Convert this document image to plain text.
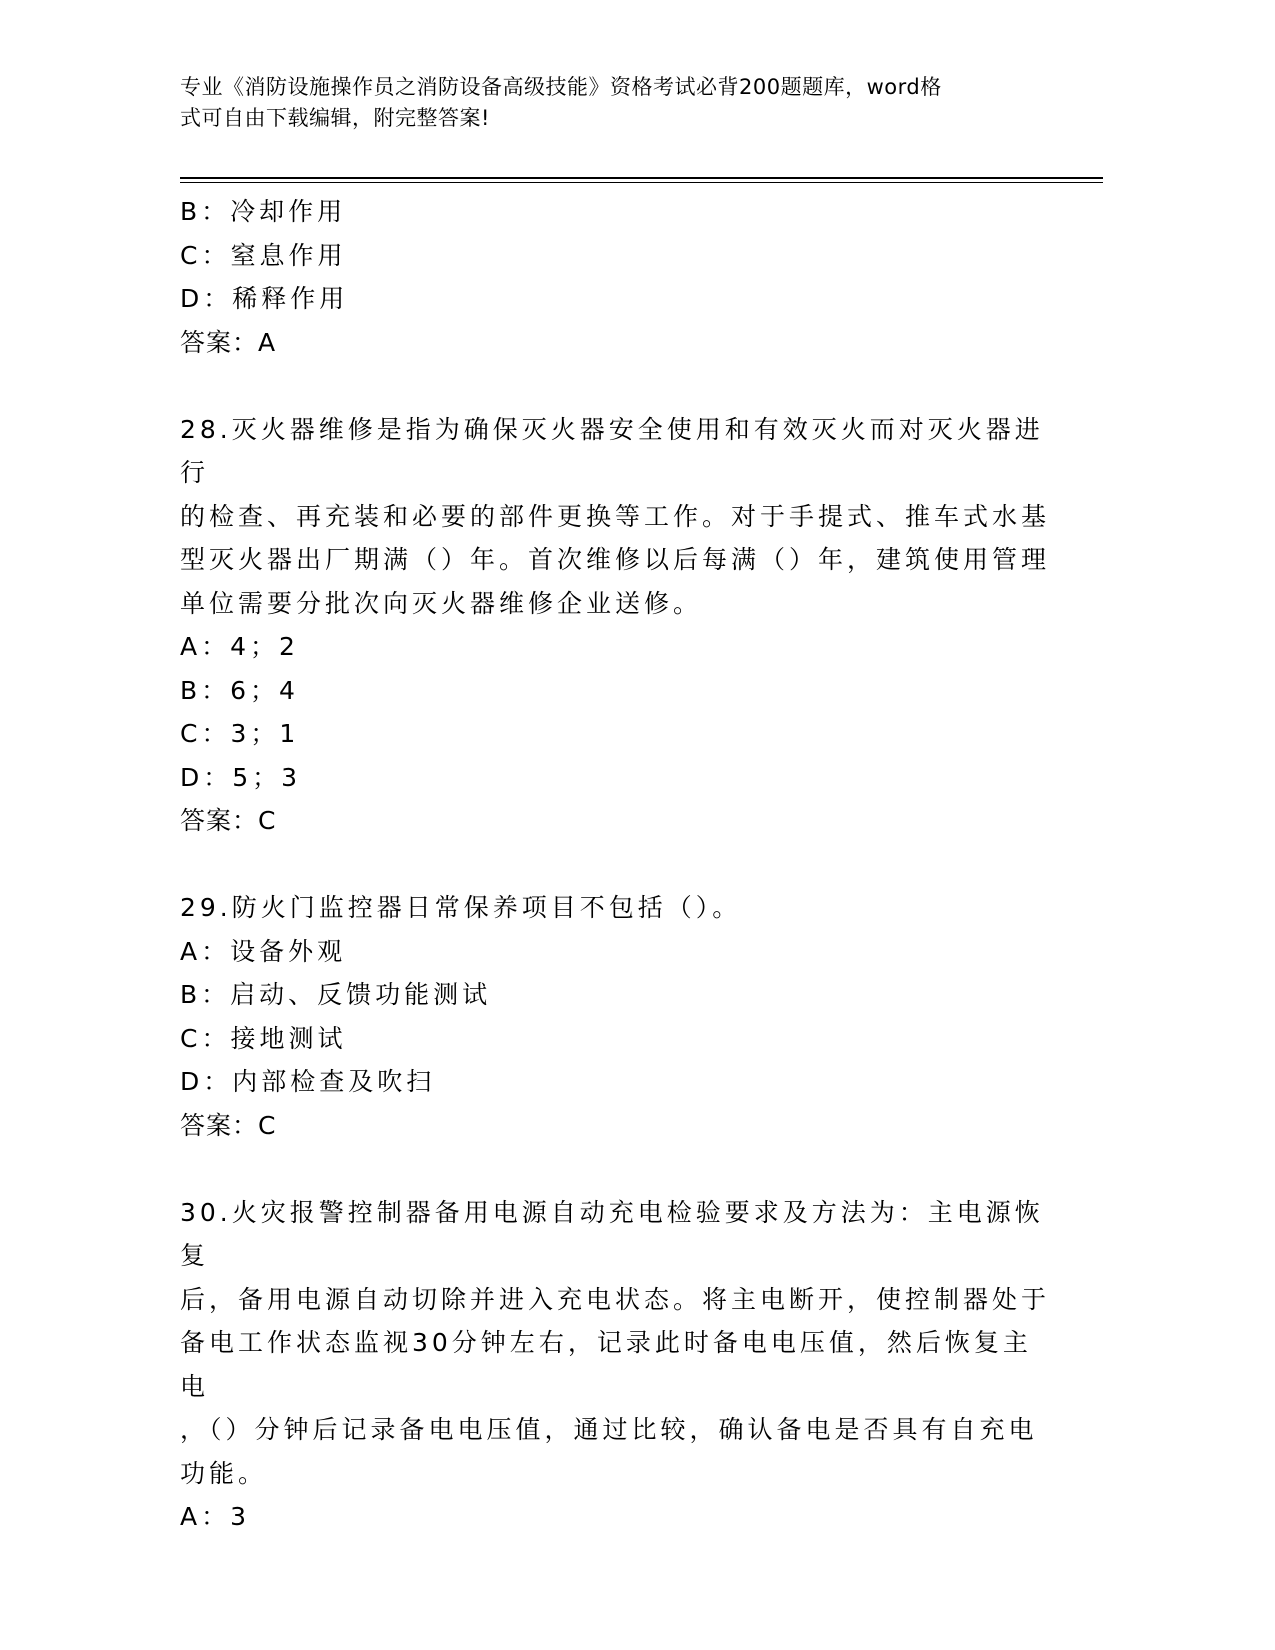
专业《消防设施操作员之消防设备高级技能》资格考试必背200题题库，word格
式可自由下载编辑，附完整答案!
B：冷却作用
C：窒息作用
D：稀释作用
答案：A
28.灭火器维修是指为确保灭火器安全使用和有效灭火而对灭火器进行
的检查、再充装和必要的部件更换等工作。对于手提式、推车式水基
型灭火器出厂期满（）年。首次维修以后每满（）年，建筑使用管理
单位需要分批次向灭火器维修企业送修。
A：4；2
B：6；4
C：3；1
D：5；3
答案：C
29.防火门监控器日常保养项目不包括（）。
A：设备外观
B：启动、反馈功能测试
C：接地测试
D：内部检查及吹扫
答案：C
30.火灾报警控制器备用电源自动充电检验要求及方法为：主电源恢复
后，备用电源自动切除并进入充电状态。将主电断开，使控制器处于
备电工作状态监视30分钟左右，记录此时备电电压值，然后恢复主电
，（）分钟后记录备电电压值，通过比较，确认备电是否具有自充电
功能。
A：3
